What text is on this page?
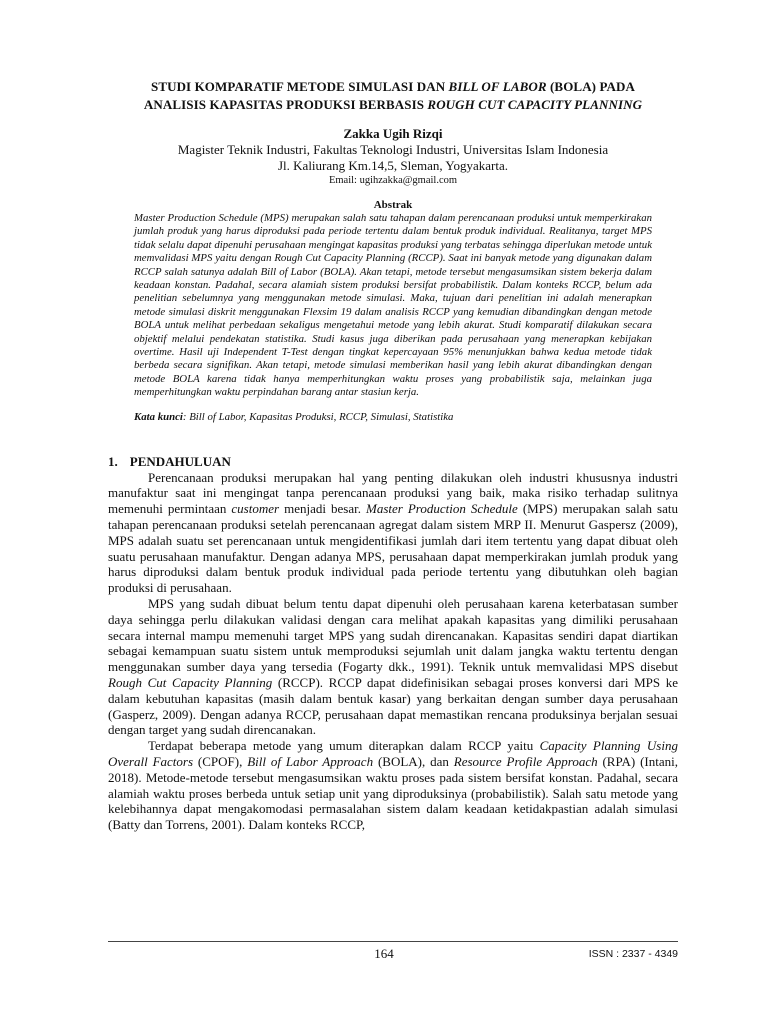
STUDI KOMPARATIF METODE SIMULASI DAN BILL OF LABOR (BOLA) PADA
ANALISIS KAPASITAS PRODUKSI BERBASIS ROUGH CUT CAPACITY PLANNING
Zakka Ugih Rizqi
Magister Teknik Industri, Fakultas Teknologi Industri, Universitas Islam Indonesia
Jl. Kaliurang Km.14,5, Sleman, Yogyakarta.
Email: ugihzakka@gmail.com
Abstrak

Master Production Schedule (MPS) merupakan salah satu tahapan dalam perencanaan produksi untuk memperkirakan jumlah produk yang harus diproduksi pada periode tertentu dalam bentuk produk individual. Realitanya, target MPS tidak selalu dapat dipenuhi perusahaan mengingat kapasitas produksi yang terbatas sehingga diperlukan metode untuk memvalidasi MPS yaitu dengan Rough Cut Capacity Planning (RCCP). Saat ini banyak metode yang digunakan dalam RCCP salah satunya adalah Bill of Labor (BOLA). Akan tetapi, metode tersebut mengasumsikan sistem bekerja dalam keadaan konstan. Padahal, secara alamiah sistem produksi bersifat probabilistik. Dalam konteks RCCP, belum ada penelitian sebelumnya yang menggunakan metode simulasi. Maka, tujuan dari penelitian ini adalah menerapkan metode simulasi diskrit menggunakan Flexsim 19 dalam analisis RCCP yang kemudian dibandingkan dengan metode BOLA untuk melihat perbedaan sekaligus mengetahui metode yang lebih akurat. Studi komparatif dilakukan secara objektif melalui pendekatan statistika. Studi kasus juga diberikan pada perusahaan yang menerapkan kebijakan overtime. Hasil uji Independent T-Test dengan tingkat kepercayaan 95% menunjukkan bahwa kedua metode tidak berbeda secara signifikan. Akan tetapi, metode simulasi memberikan hasil yang lebih akurat dibandingkan dengan metode BOLA karena tidak hanya memperhitungkan waktu proses yang probabilistik saja, melainkan juga memperhitungkan waktu perpindahan barang antar stasiun kerja.

Kata kunci: Bill of Labor, Kapasitas Produksi, RCCP, Simulasi, Statistika
1. PENDAHULUAN

Perencanaan produksi merupakan hal yang penting dilakukan oleh industri khususnya industri manufaktur saat ini mengingat tanpa perencanaan produksi yang baik, maka risiko terhadap sulitnya memenuhi permintaan customer menjadi besar. Master Production Schedule (MPS) merupakan salah satu tahapan perencanaan produksi setelah perencanaan agregat dalam sistem MRP II. Menurut Gaspersz (2009), MPS adalah suatu set perencanaan untuk mengidentifikasi jumlah dari item tertentu yang dapat dibuat oleh suatu perusahaan manufaktur. Dengan adanya MPS, perusahaan dapat memperkirakan jumlah produk yang harus diproduksi dalam bentuk produk individual pada periode tertentu yang dibutuhkan oleh bagian produksi di perusahaan.

MPS yang sudah dibuat belum tentu dapat dipenuhi oleh perusahaan karena keterbatasan sumber daya sehingga perlu dilakukan validasi dengan cara melihat apakah kapasitas yang dimiliki perusahaan secara internal mampu memenuhi target MPS yang sudah direncanakan. Kapasitas sendiri dapat diartikan sebagai kemampuan suatu sistem untuk memproduksi sejumlah unit dalam jangka waktu tertentu dengan menggunakan sumber daya yang tersedia (Fogarty dkk., 1991). Teknik untuk memvalidasi MPS disebut Rough Cut Capacity Planning (RCCP). RCCP dapat didefinisikan sebagai proses konversi dari MPS ke dalam kebutuhan kapasitas (masih dalam bentuk kasar) yang berkaitan dengan sumber daya perusahaan (Gasperz, 2009). Dengan adanya RCCP, perusahaan dapat memastikan rencana produksinya berjalan sesuai dengan target yang sudah direncanakan.

Terdapat beberapa metode yang umum diterapkan dalam RCCP yaitu Capacity Planning Using Overall Factors (CPOF), Bill of Labor Approach (BOLA), dan Resource Profile Approach (RPA) (Intani, 2018). Metode-metode tersebut mengasumsikan waktu proses pada sistem bersifat konstan. Padahal, secara alamiah waktu proses berbeda untuk setiap unit yang diproduksinya (probabilistik). Salah satu metode yang kelebihannya dapat mengakomodasi permasalahan sistem dalam keadaan ketidakpastian adalah simulasi (Batty dan Torrens, 2001). Dalam konteks RCCP,

164	ISSN : 2337 - 4349
